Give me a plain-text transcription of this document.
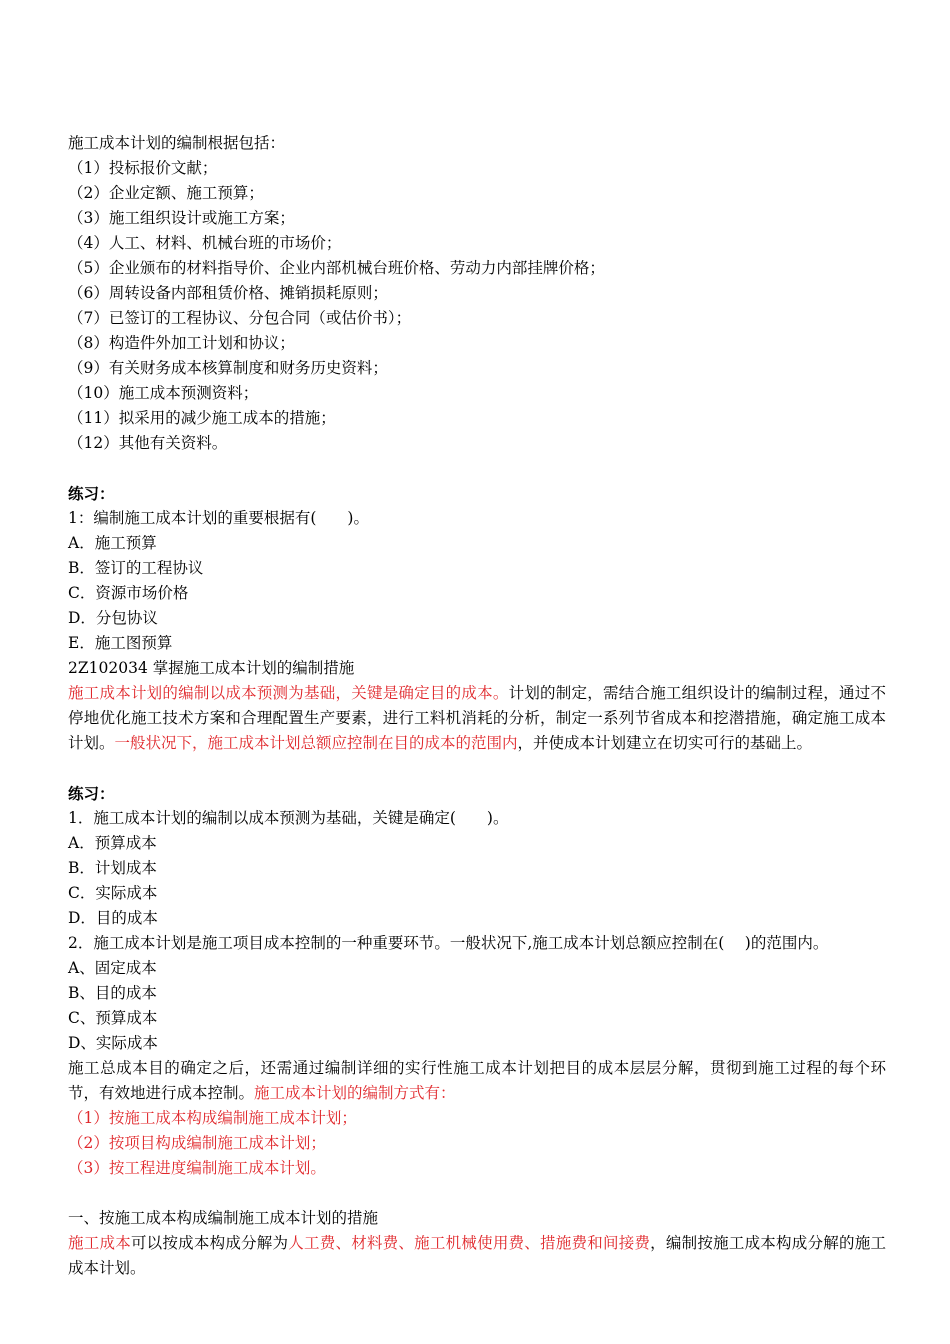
施工成本计划的编制根据包括：
（1）投标报价文献；
（2）企业定额、施工预算；
（3）施工组织设计或施工方案；
（4）人工、材料、机械台班的市场价；
（5）企业颁布的材料指导价、企业内部机械台班价格、劳动力内部挂牌价格；
（6）周转设备内部租赁价格、摊销损耗原则；
（7）已签订的工程协议、分包合同（或估价书）；
（8）构造件外加工计划和协议；
（9）有关财务成本核算制度和财务历史资料；
（10）施工成本预测资料；
（11）拟采用的减少施工成本的措施；
（12）其他有关资料。
练习：
1：编制施工成本计划的重要根据有(　　)。
A．施工预算
B．签订的工程协议
C．资源市场价格
D．分包协议
E．施工图预算
2Z102034 掌握施工成本计划的编制措施
施工成本计划的编制以成本预测为基础，关键是确定目的成本。计划的制定，需结合施工组织设计的编制过程，通过不停地优化施工技术方案和合理配置生产要素，进行工料机消耗的分析，制定一系列节省成本和挖潜措施，确定施工成本计划。一般状况下，施工成本计划总额应控制在目的成本的范围内，并使成本计划建立在切实可行的基础上。
练习：
1．施工成本计划的编制以成本预测为基础，关键是确定(　　)。
A．预算成本
B．计划成本
C．实际成本
D．目的成本
2．施工成本计划是施工项目成本控制的一种重要环节。一般状况下,施工成本计划总额应控制在(　 )的范围内。
A、固定成本
B、目的成本
C、预算成本
D、实际成本
施工总成本目的确定之后，还需通过编制详细的实行性施工成本计划把目的成本层层分解，贯彻到施工过程的每个环节，有效地进行成本控制。施工成本计划的编制方式有：
（1）按施工成本构成编制施工成本计划；
（2）按项目构成编制施工成本计划；
（3）按工程进度编制施工成本计划。
一、按施工成本构成编制施工成本计划的措施
施工成本可以按成本构成分解为人工费、材料费、施工机械使用费、措施费和间接费，编制按施工成本构成分解的施工成本计划。
